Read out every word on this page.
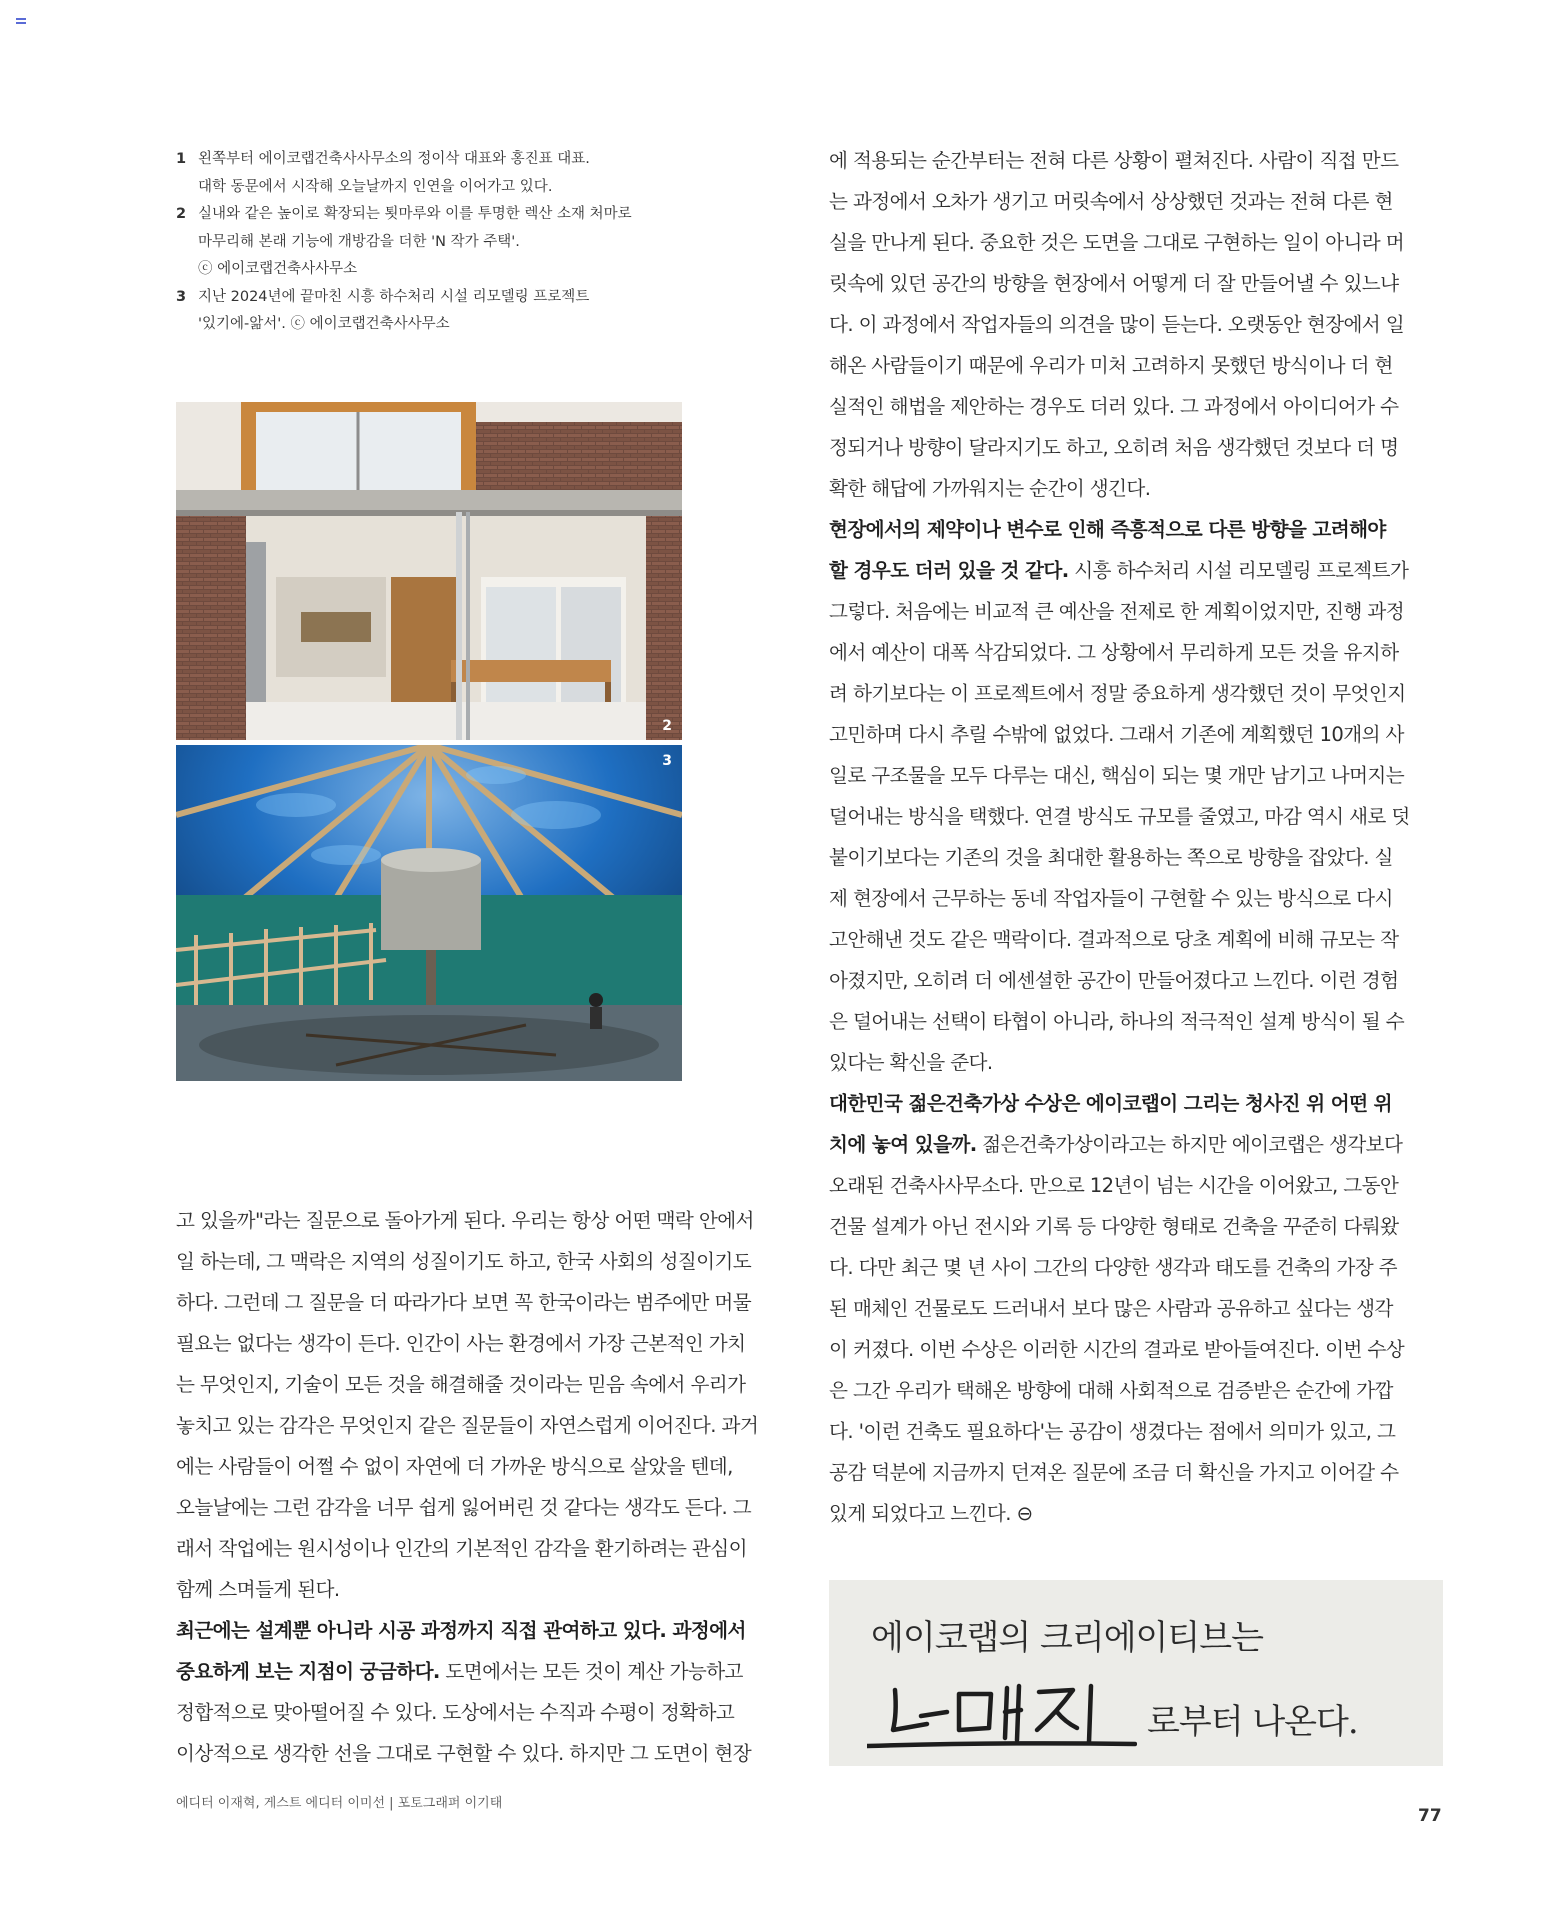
1 왼쪽부터 에이코랩건축사사무소의 정이삭 대표와 홍진표 대표.
대학 동문에서 시작해 오늘날까지 인연을 이어가고 있다.
2 실내와 같은 높이로 확장되는 툇마루와 이를 투명한 렉산 소재 처마로
마무리해 본래 기능에 개방감을 더한 'N 작가 주택'.
ⓒ 에이코랩건축사사무소
3 지난 2024년에 끝마친 시흥 하수처리 시설 리모델링 프로젝트
'있기에-앎서'. ⓒ 에이코랩건축사사무소
2
3
고 있을까"라는 질문으로 돌아가게 된다. 우리는 항상 어떤 맥락 안에서
일 하는데, 그 맥락은 지역의 성질이기도 하고, 한국 사회의 성질이기도
하다. 그런데 그 질문을 더 따라가다 보면 꼭 한국이라는 범주에만 머물
필요는 없다는 생각이 든다. 인간이 사는 환경에서 가장 근본적인 가치
는 무엇인지, 기술이 모든 것을 해결해줄 것이라는 믿음 속에서 우리가
놓치고 있는 감각은 무엇인지 같은 질문들이 자연스럽게 이어진다. 과거
에는 사람들이 어쩔 수 없이 자연에 더 가까운 방식으로 살았을 텐데,
오늘날에는 그런 감각을 너무 쉽게 잃어버린 것 같다는 생각도 든다. 그
래서 작업에는 원시성이나 인간의 기본적인 감각을 환기하려는 관심이
함께 스며들게 된다.
최근에는 설계뿐 아니라 시공 과정까지 직접 관여하고 있다. 과정에서
중요하게 보는 지점이 궁금하다. 도면에서는 모든 것이 계산 가능하고
정합적으로 맞아떨어질 수 있다. 도상에서는 수직과 수평이 정확하고
이상적으로 생각한 선을 그대로 구현할 수 있다. 하지만 그 도면이 현장
에 적용되는 순간부터는 전혀 다른 상황이 펼쳐진다. 사람이 직접 만드
는 과정에서 오차가 생기고 머릿속에서 상상했던 것과는 전혀 다른 현
실을 만나게 된다. 중요한 것은 도면을 그대로 구현하는 일이 아니라 머
릿속에 있던 공간의 방향을 현장에서 어떻게 더 잘 만들어낼 수 있느냐
다. 이 과정에서 작업자들의 의견을 많이 듣는다. 오랫동안 현장에서 일
해온 사람들이기 때문에 우리가 미처 고려하지 못했던 방식이나 더 현
실적인 해법을 제안하는 경우도 더러 있다. 그 과정에서 아이디어가 수
정되거나 방향이 달라지기도 하고, 오히려 처음 생각했던 것보다 더 명
확한 해답에 가까워지는 순간이 생긴다.
현장에서의 제약이나 변수로 인해 즉흥적으로 다른 방향을 고려해야
할 경우도 더러 있을 것 같다. 시흥 하수처리 시설 리모델링 프로젝트가
그렇다. 처음에는 비교적 큰 예산을 전제로 한 계획이었지만, 진행 과정
에서 예산이 대폭 삭감되었다. 그 상황에서 무리하게 모든 것을 유지하
려 하기보다는 이 프로젝트에서 정말 중요하게 생각했던 것이 무엇인지
고민하며 다시 추릴 수밖에 없었다. 그래서 기존에 계획했던 10개의 사
일로 구조물을 모두 다루는 대신, 핵심이 되는 몇 개만 남기고 나머지는
덜어내는 방식을 택했다. 연결 방식도 규모를 줄였고, 마감 역시 새로 덧
붙이기보다는 기존의 것을 최대한 활용하는 쪽으로 방향을 잡았다. 실
제 현장에서 근무하는 동네 작업자들이 구현할 수 있는 방식으로 다시
고안해낸 것도 같은 맥락이다. 결과적으로 당초 계획에 비해 규모는 작
아졌지만, 오히려 더 에센셜한 공간이 만들어졌다고 느낀다. 이런 경험
은 덜어내는 선택이 타협이 아니라, 하나의 적극적인 설계 방식이 될 수
있다는 확신을 준다.
대한민국 젊은건축가상 수상은 에이코랩이 그리는 청사진 위 어떤 위
치에 놓여 있을까. 젊은건축가상이라고는 하지만 에이코랩은 생각보다
오래된 건축사사무소다. 만으로 12년이 넘는 시간을 이어왔고, 그동안
건물 설계가 아닌 전시와 기록 등 다양한 형태로 건축을 꾸준히 다뤄왔
다. 다만 최근 몇 년 사이 그간의 다양한 생각과 태도를 건축의 가장 주
된 매체인 건물로도 드러내서 보다 많은 사람과 공유하고 싶다는 생각
이 커졌다. 이번 수상은 이러한 시간의 결과로 받아들여진다. 이번 수상
은 그간 우리가 택해온 방향에 대해 사회적으로 검증받은 순간에 가깝
다. '이런 건축도 필요하다'는 공감이 생겼다는 점에서 의미가 있고, 그
공감 덕분에 지금까지 던져온 질문에 조금 더 확신을 가지고 이어갈 수
있게 되었다고 느낀다. ⊖
에이코랩의 크리에이티브는
로부터 나온다.
에디터 이재혁, 게스트 에디터 이미선 | 포토그래퍼 이기태
77
